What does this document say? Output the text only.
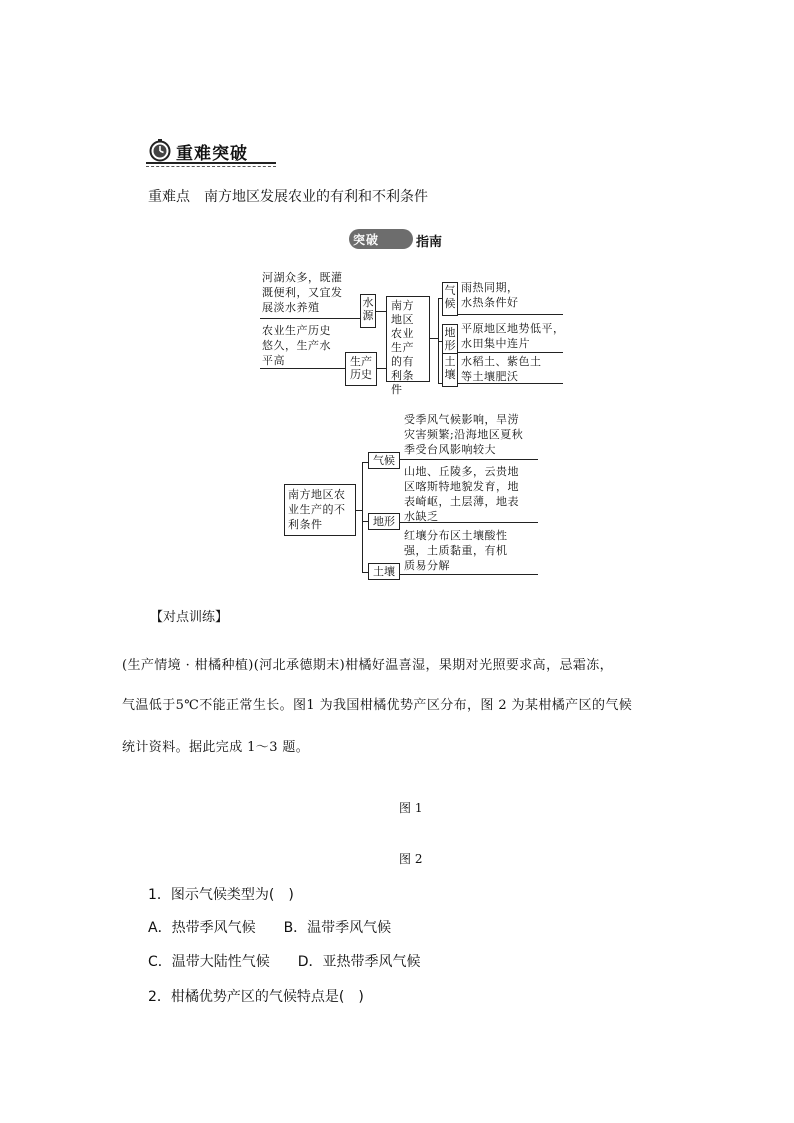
重难突破
重难点 南方地区发展农业的有利和不利条件
突破	指南
河湖众多，既灌
溉便利，又宜发
展淡水养殖	水源
农业生产历史
悠久，生产水
平高	生产
历史
南方地区农业生产的有利条件
气候
地形
土壤
雨热同期，
水热条件好
平原地区地势低平，
水田集中连片
水稻土、紫色土
等土壤肥沃
南方地区农
业生产的不
利条件
气候
地形
土壤
受季风气候影响，旱涝
灾害频繁;沿海地区夏秋
季受台风影响较大
山地、丘陵多，云贵地
区喀斯特地貌发育，地
表崎岖，土层薄，地表
水缺乏
红壤分布区土壤酸性
强，土质黏重，有机
质易分解
【对点训练】
(生产情境 · 柑橘种植)(河北承德期末)柑橘好温喜湿，果期对光照要求高，忌霜冻，
气温低于5℃不能正常生长。图1 为我国柑橘优势产区分布，图 2 为某柑橘产区的气候
统计资料。据此完成 1～3 题。
图 1
图 2
1．图示气候类型为(　)
A．热带季风气候　　B．温带季风气候
C．温带大陆性气候　　D．亚热带季风气候
2．柑橘优势产区的气候特点是(　)
